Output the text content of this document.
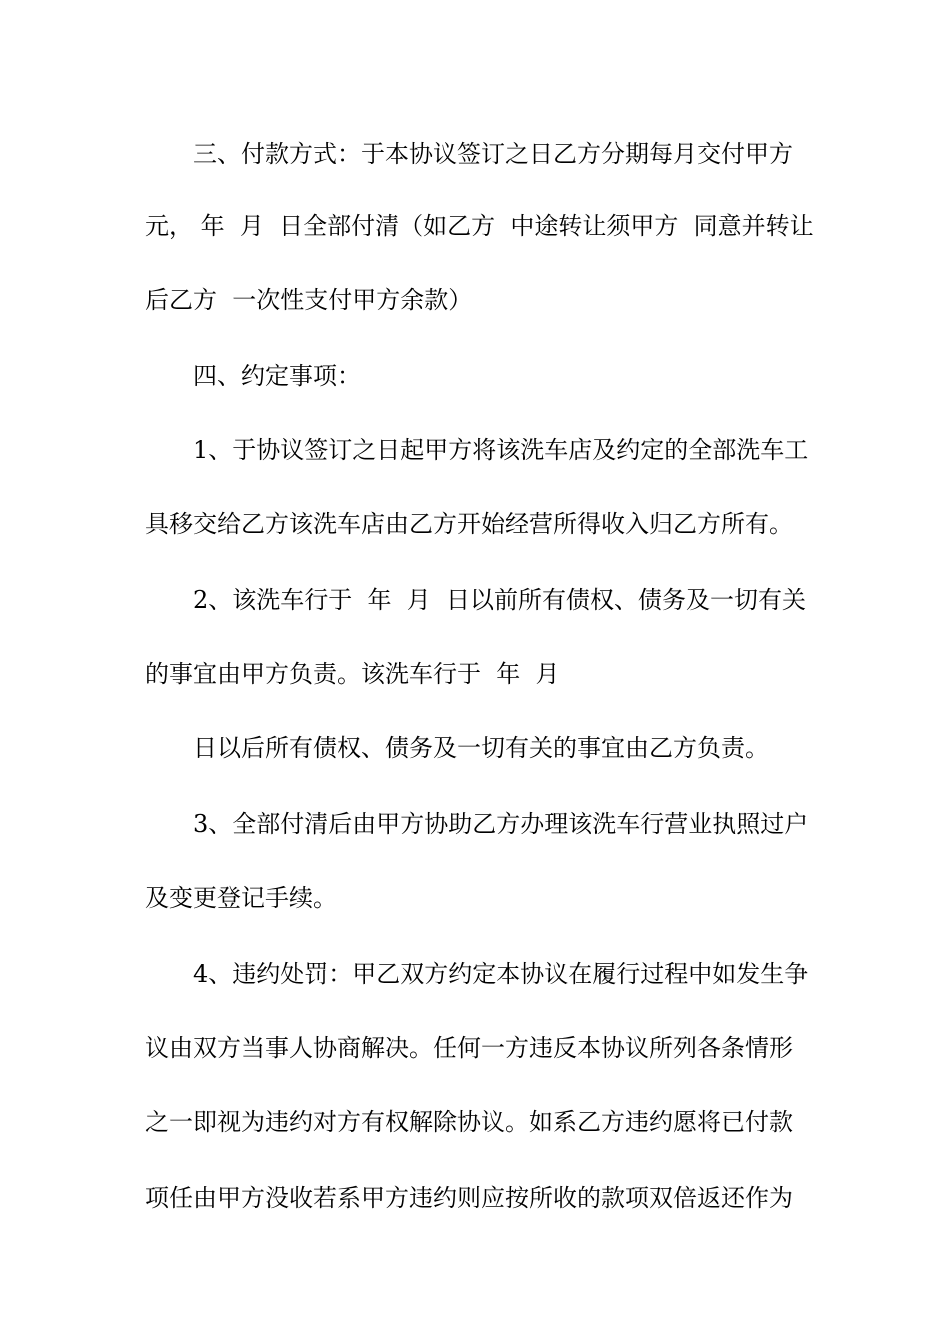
三、付款方式：于本协议签订之日乙方分期每月交付甲方
元， 年  月  日全部付清（如乙方  中途转让须甲方  同意并转让
后乙方  一次性支付甲方余款）
四、约定事项：
1、于协议签订之日起甲方将该洗车店及约定的全部洗车工
具移交给乙方该洗车店由乙方开始经营所得收入归乙方所有。
2、该洗车行于  年  月  日以前所有债权、债务及一切有关
的事宜由甲方负责。该洗车行于  年  月
日以后所有债权、债务及一切有关的事宜由乙方负责。
3、全部付清后由甲方协助乙方办理该洗车行营业执照过户
及变更登记手续。
4、违约处罚：甲乙双方约定本协议在履行过程中如发生争
议由双方当事人协商解决。任何一方违反本协议所列各条情形
之一即视为违约对方有权解除协议。如系乙方违约愿将已付款
项任由甲方没收若系甲方违约则应按所收的款项双倍返还作为
